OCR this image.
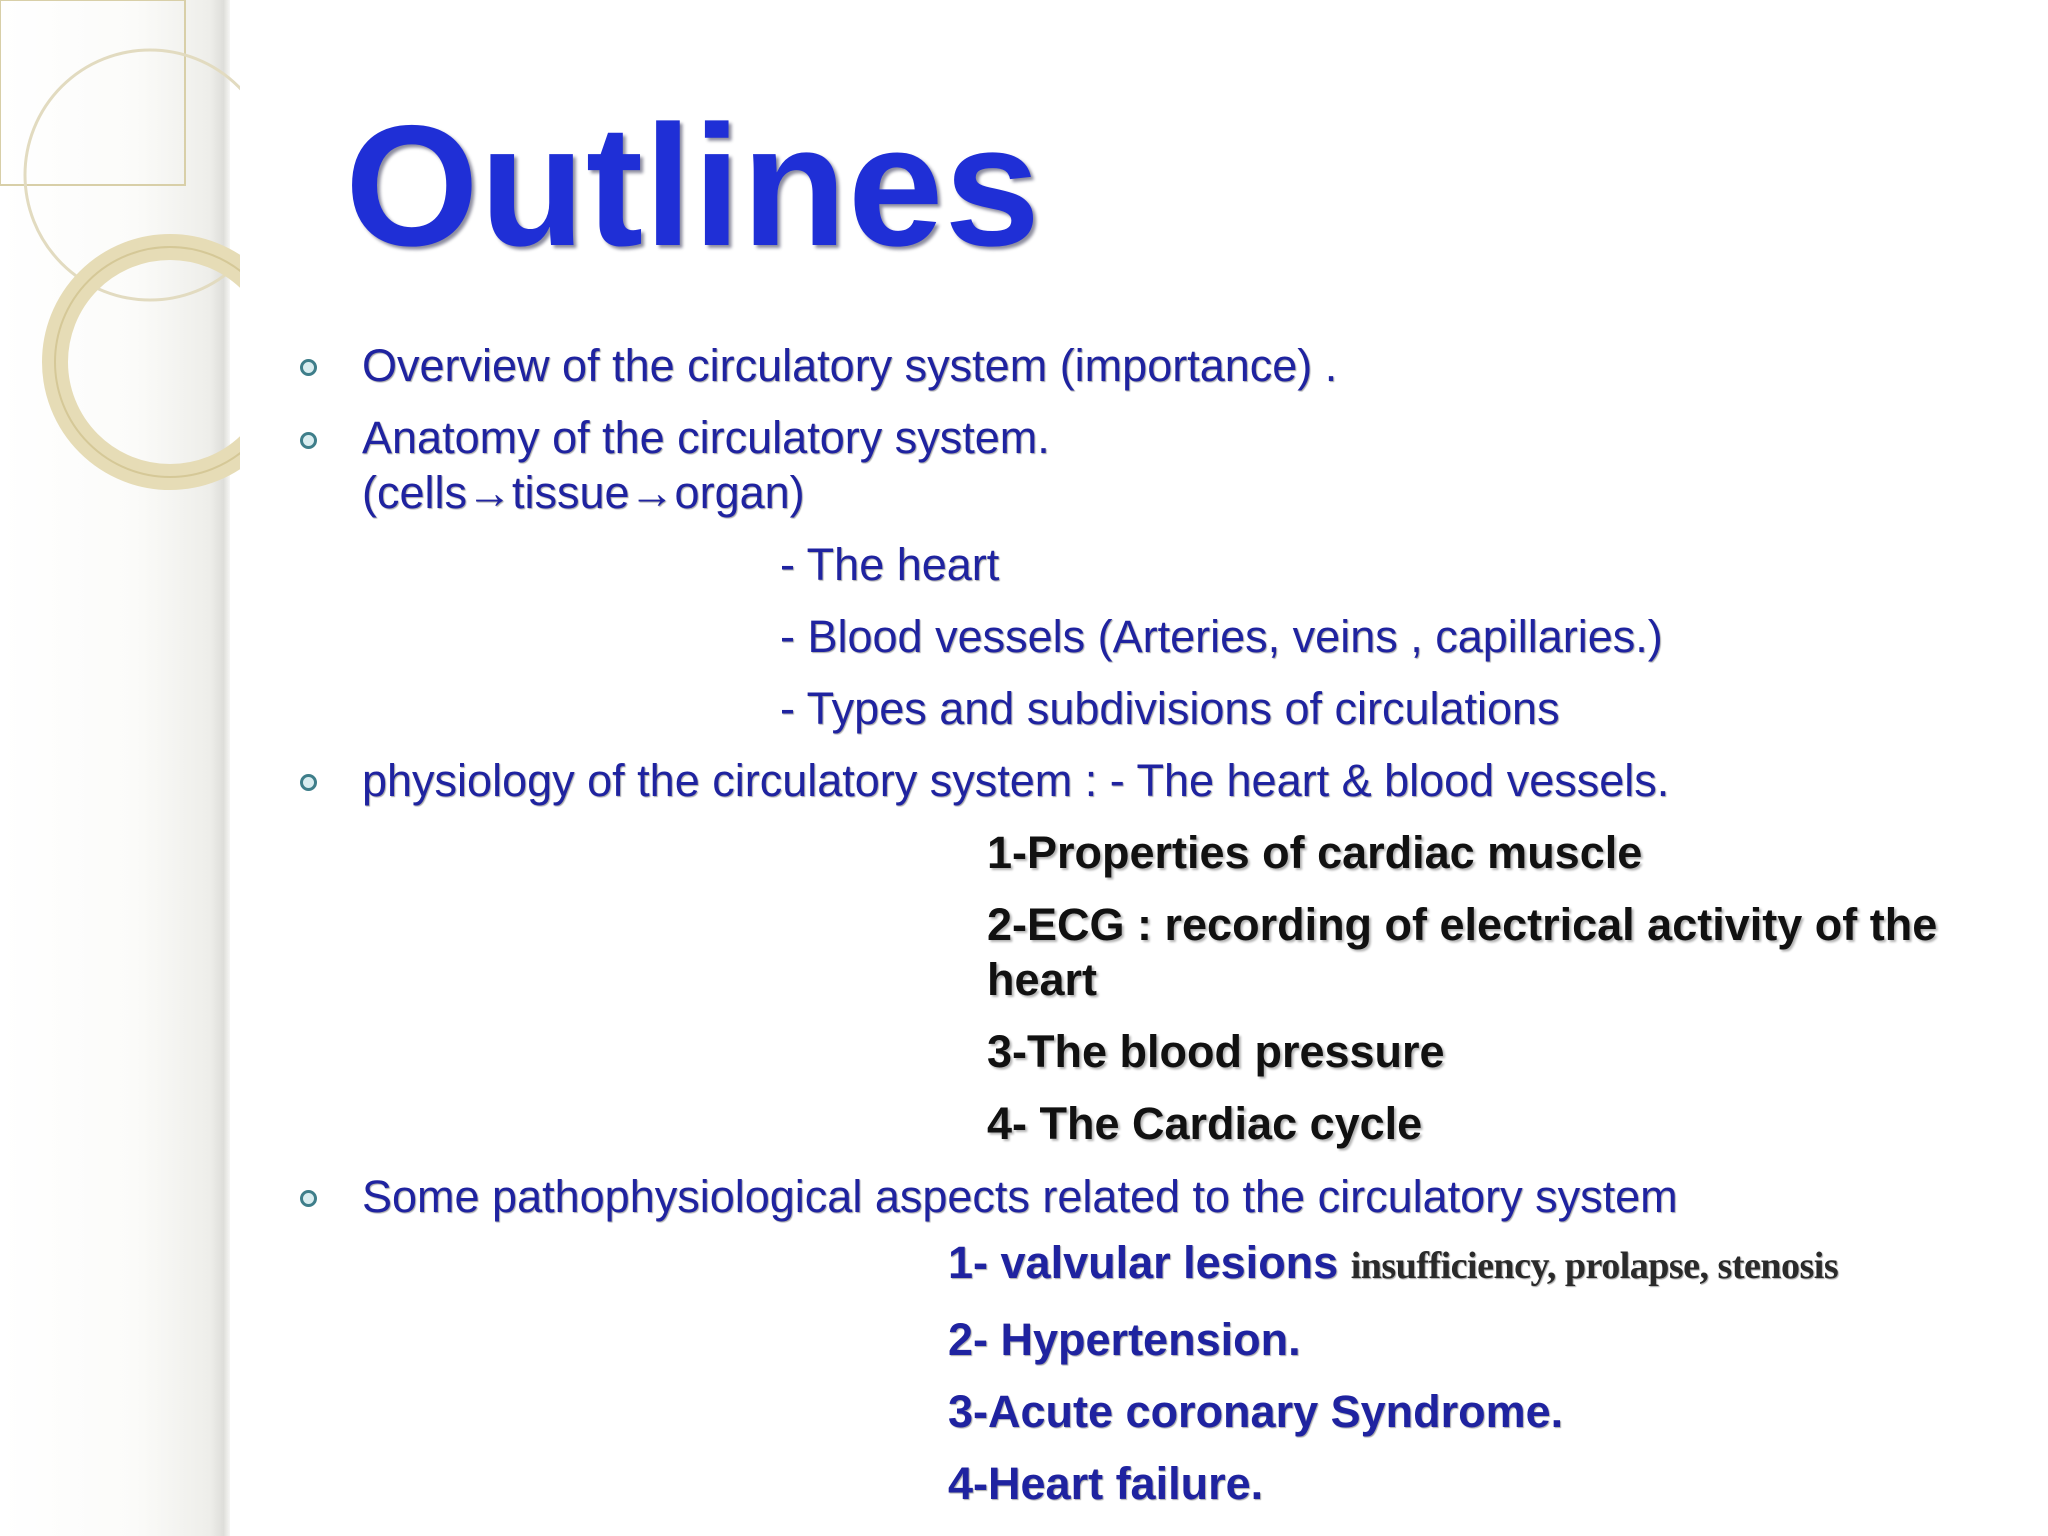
Outlines

Overview of the circulatory system (importance) .

Anatomy of the circulatory system.

(cells→tissue→organ)

- The heart

- Blood vessels (Arteries, veins , capillaries.)

- Types and subdivisions of circulations

physiology of the circulatory system : - The heart & blood vessels.

1-Properties of cardiac muscle

2-ECG : recording of electrical activity of the

heart

3-The blood pressure

4- The Cardiac cycle

Some pathophysiological aspects related to the circulatory system

1- valvular lesions insufficiency, prolapse, stenosis

2- Hypertension.

3-Acute coronary Syndrome.

4-Heart failure.
